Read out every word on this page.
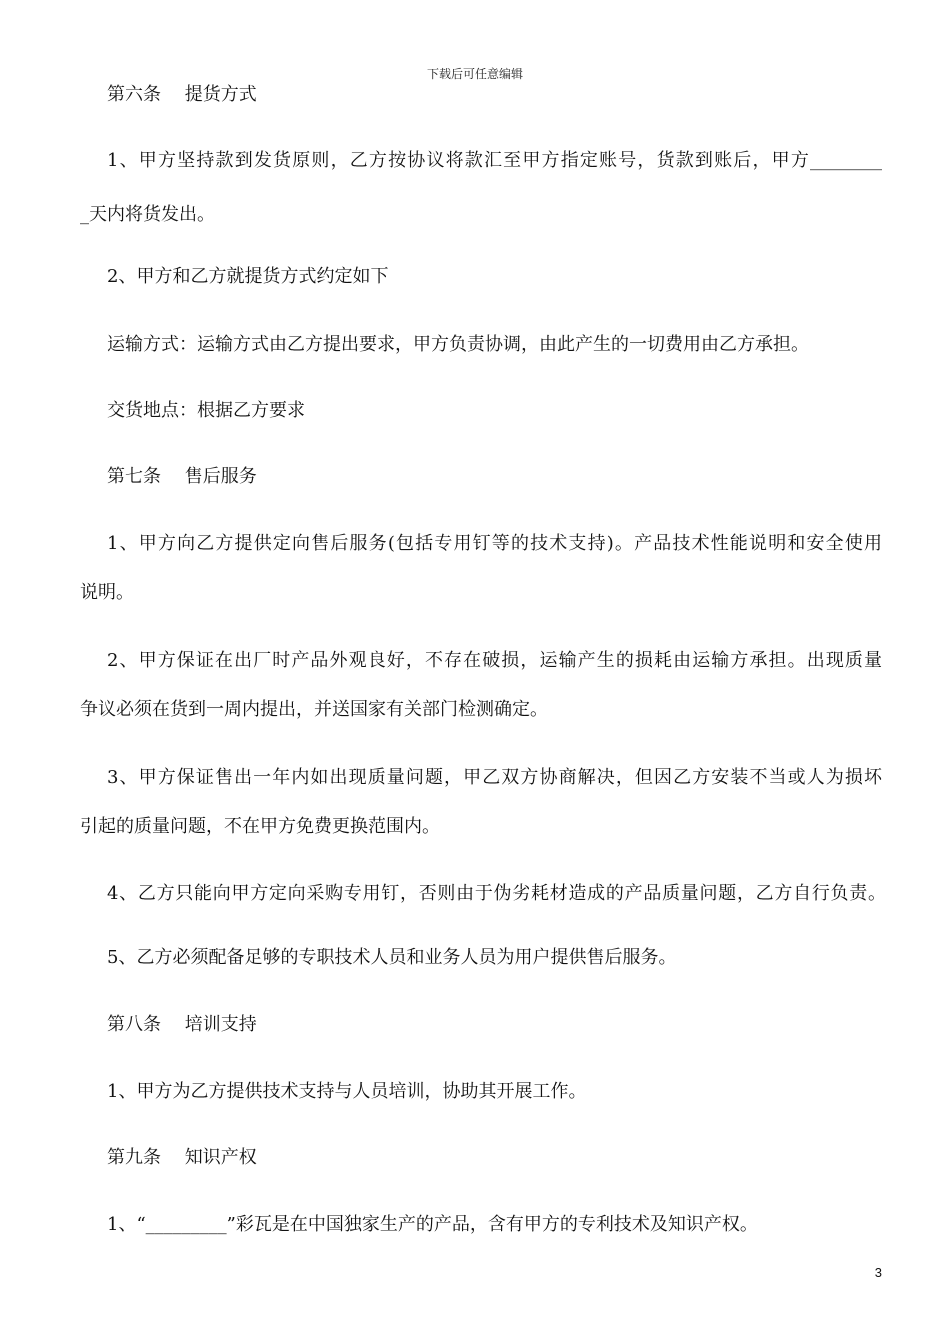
下载后可任意编辑
第六条　 提货方式
1、甲方坚持款到发货原则，乙方按协议将款汇至甲方指定账号，货款到账后，甲方________
_天内将货发出。
2、甲方和乙方就提货方式约定如下
运输方式：运输方式由乙方提出要求，甲方负责协调，由此产生的一切费用由乙方承担。
交货地点：根据乙方要求
第七条　 售后服务
1、甲方向乙方提供定向售后服务(包括专用钉等的技术支持)。产品技术性能说明和安全使用
说明。
2、甲方保证在出厂时产品外观良好，不存在破损，运输产生的损耗由运输方承担。出现质量
争议必须在货到一周内提出，并送国家有关部门检测确定。
3、甲方保证售出一年内如出现质量问题，甲乙双方协商解决，但因乙方安装不当或人为损坏
引起的质量问题，不在甲方免费更换范围内。
4、乙方只能向甲方定向采购专用钉，否则由于伪劣耗材造成的产品质量问题，乙方自行负责。
5、乙方必须配备足够的专职技术人员和业务人员为用户提供售后服务。
第八条　 培训支持
1、甲方为乙方提供技术支持与人员培训，协助其开展工作。
第九条　 知识产权
1、“_________”彩瓦是在中国独家生产的产品，含有甲方的专利技术及知识产权。
3
